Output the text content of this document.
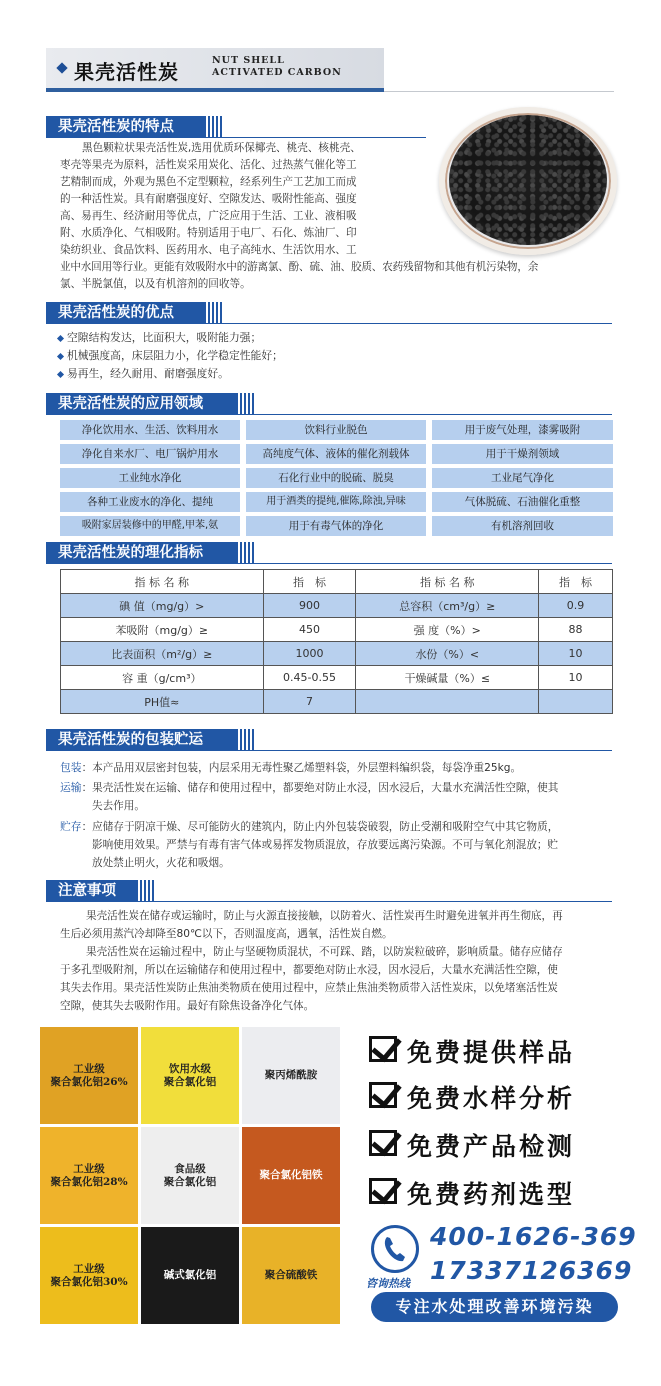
果壳活性炭	NUT SHELL
ACTIVATED CARBON
果壳活性炭的特点
黑色颗粒状果壳活性炭,选用优质环保椰壳、桃壳、核桃壳、
枣壳等果壳为原料，活性炭采用炭化、活化、过热蒸气催化等工
艺精制而成，外观为黑色不定型颗粒，经系列生产工艺加工而成
的一种活性炭。具有耐磨强度好、空隙发达、吸附性能高、强度
高、易再生、经济耐用等优点，广泛应用于生活、工业、液相吸
附、水质净化、气相吸附。特别适用于电厂、石化、炼油厂、印
染纺织业、食品饮料、医药用水、电子高纯水、生活饮用水、工
业中水回用等行业。更能有效吸附水中的游离氯、酚、硫、油、胶质、农药残留物和其他有机污染物，余
氯、半脱氯值，以及有机溶剂的回收等。
果壳活性炭的优点
空隙结构发达，比面积大，吸附能力强；
机械强度高，床层阻力小，化学稳定性能好；
易再生，经久耐用、耐磨强度好。
果壳活性炭的应用领域
净化饮用水、生活、饮料用水
净化自来水厂、电厂锅炉用水
工业纯水净化
各种工业废水的净化、提纯
吸附家居装修中的甲醛,甲苯,氨
饮料行业脱色
高纯度气体、液体的催化剂载体
石化行业中的脱硫、脱臭
用于酒类的提纯,催陈,除浊,异味
用于有毒气体的净化
用于废气处理，漆雾吸附
用于干燥剂领域
工业尾气净化
气体脱硫、石油催化重整
有机溶剂回收
果壳活性炭的理化指标
指 标 名 称	指　标	指 标 名 称	指　标
碘 值（mg/g）>	900	总容积（cm³/g）≥	0.9
苯吸附（mg/g）≥	450	强 度（%）>	88
比表面积（m²/g）≥	1000	水份（%）<	10
容 重（g/cm³）	0.45-0.55	干燥碱量（%）≤	10
PH值≈	7		
果壳活性炭的包装贮运
包装：本产品用双层密封包装，内层采用无毒性聚乙烯塑料袋，外层塑料编织袋，每袋净重25kg。
运输：果壳活性炭在运输、储存和使用过程中，都要绝对防止水浸，因水浸后，大量水充满活性空隙，使其
失去作用。
贮存：应储存于阴凉干燥、尽可能防火的建筑内，防止内外包装袋破裂，防止受潮和吸附空气中其它物质，
影响使用效果。严禁与有毒有害气体或易挥发物质混放，存放要远离污染源。不可与氧化剂混放；贮
放处禁止明火，火花和吸烟。
注意事项
果壳活性炭在储存或运输时，防止与火源直接接触，以防着火、活性炭再生时避免进氧并再生彻底，再
生后必须用蒸汽冷却降至80℃以下，否则温度高，遇氧，活性炭自燃。
果壳活性炭在运输过程中，防止与坚硬物质混状，不可踩、踏，以防炭粒破碎，影响质量。储存应储存
于多孔型吸附剂，所以在运输储存和使用过程中，都要绝对防止水浸，因水浸后，大量水充满活性空隙，使
其失去作用。果壳活性炭防止焦油类物质在使用过程中，应禁止焦油类物质带入活性炭床，以免堵塞活性炭
空隙，使其失去吸附作用。最好有除焦设备净化气体。
工业级
聚合氯化铝26%
饮用水级
聚合氯化铝
聚丙烯酰胺
工业级
聚合氯化铝28%
食品级
聚合氯化铝
聚合氯化铝铁
工业级
聚合氯化铝30%
碱式氯化铝	聚合硫酸铁
免费提供样品
免费水样分析
免费产品检测
免费药剂选型
咨询热线
400-1626-369
17337126369
专注水处理改善环境污染
